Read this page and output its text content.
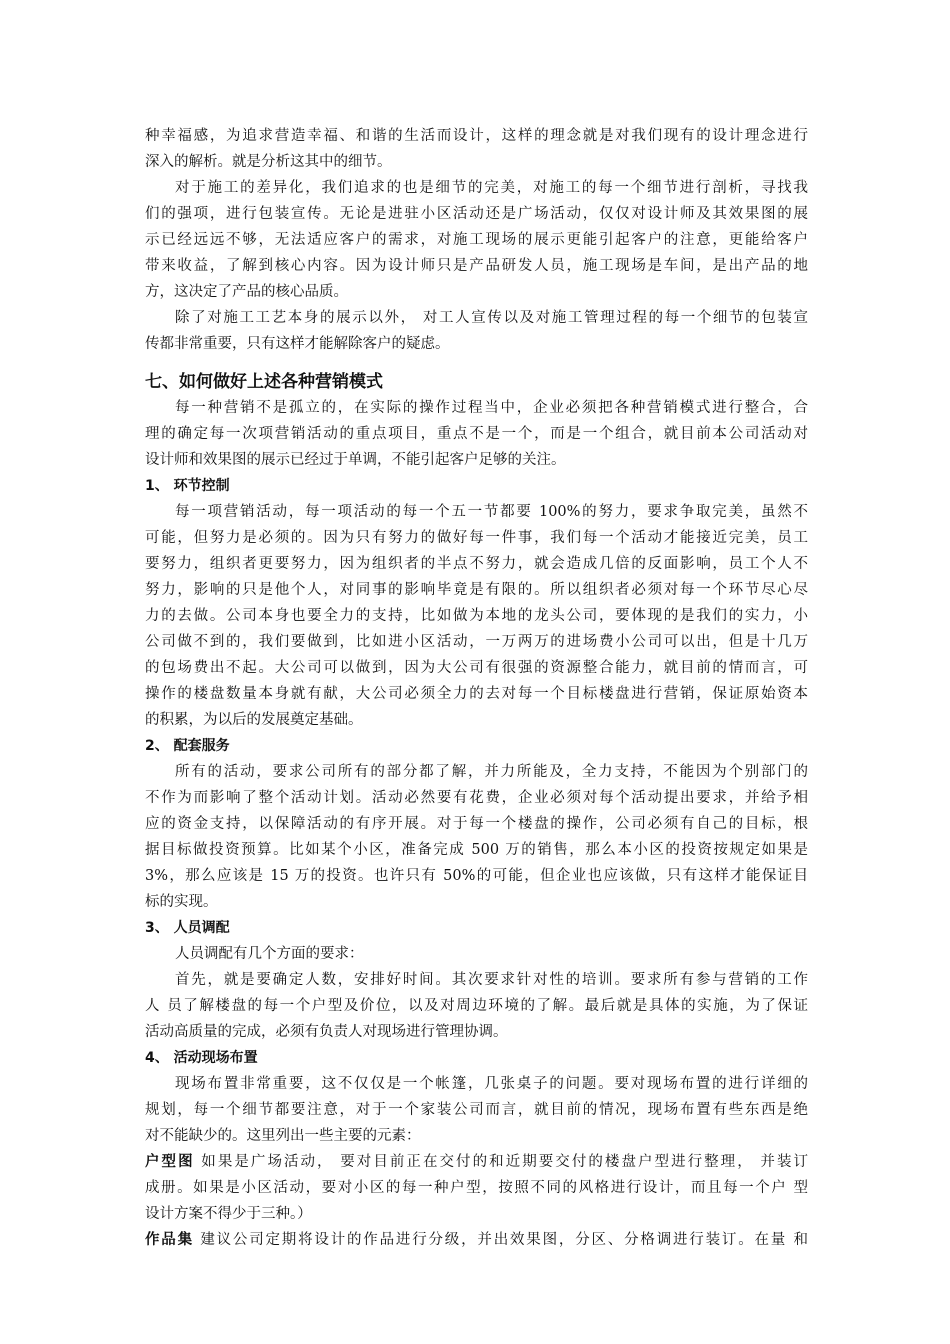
种幸福感，为追求营造幸福、和谐的生活而设计，这样的理念就是对我们现有的设计理念进行
深入的解析。就是分析这其中的细节。
对于施工的差异化，我们追求的也是细节的完美，对施工的每一个细节进行剖析，寻找我
们的强项，进行包装宣传。无论是进驻小区活动还是广场活动，仅仅对设计师及其效果图的展
示已经远远不够，无法适应客户的需求，对施工现场的展示更能引起客户的注意，更能给客户
带来收益，了解到核心内容。因为设计师只是产品研发人员，施工现场是车间，是出产品的地
方，这决定了产品的核心品质。
除了对施工工艺本身的展示以外， 对工人宣传以及对施工管理过程的每一个细节的包装宣
传都非常重要，只有这样才能解除客户的疑虑。
七、如何做好上述各种营销模式
每一种营销不是孤立的，在实际的操作过程当中，企业必须把各种营销模式进行整合，合
理的确定每一次项营销活动的重点项目，重点不是一个，而是一个组合，就目前本公司活动对
设计师和效果图的展示已经过于单调，不能引起客户足够的关注。
1、 环节控制
每一项营销活动，每一项活动的每一个五一节都要 100%的努力，要求争取完美，虽然不
可能，但努力是必须的。因为只有努力的做好每一件事，我们每一个活动才能接近完美，员工
要努力，组织者更要努力，因为组织者的半点不努力，就会造成几倍的反面影响，员工个人不
努力，影响的只是他个人，对同事的影响毕竟是有限的。所以组织者必须对每一个环节尽心尽
力的去做。公司本身也要全力的支持，比如做为本地的龙头公司，要体现的是我们的实力，小
公司做不到的，我们要做到，比如进小区活动，一万两万的进场费小公司可以出，但是十几万
的包场费出不起。大公司可以做到，因为大公司有很强的资源整合能力，就目前的情而言，可
操作的楼盘数量本身就有献，大公司必须全力的去对每一个目标楼盘进行营销，保证原始资本
的积累，为以后的发展奠定基础。
2、 配套服务
所有的活动，要求公司所有的部分都了解，并力所能及，全力支持，不能因为个别部门的
不作为而影响了整个活动计划。活动必然要有花费，企业必须对每个活动提出要求，并给予相
应的资金支持，以保障活动的有序开展。对于每一个楼盘的操作，公司必须有自己的目标，根
据目标做投资预算。比如某个小区，准备完成 500 万的销售，那么本小区的投资按规定如果是
3%，那么应该是 15 万的投资。也许只有 50%的可能，但企业也应该做，只有这样才能保证目
标的实现。
3、 人员调配
人员调配有几个方面的要求：
首先，就是要确定人数，安排好时间。其次要求针对性的培训。要求所有参与营销的工作
人 员了解楼盘的每一个户型及价位，以及对周边环境的了解。最后就是具体的实施，为了保证
活动高质量的完成，必须有负责人对现场进行管理协调。
4、 活动现场布置
现场布置非常重要，这不仅仅是一个帐篷，几张桌子的问题。要对现场布置的进行详细的
规划，每一个细节都要注意，对于一个家装公司而言，就目前的情况，现场布置有些东西是绝
对不能缺少的。这里列出一些主要的元素：
户型图 如果是广场活动， 要对目前正在交付的和近期要交付的楼盘户型进行整理， 并装订
成册。如果是小区活动，要对小区的每一种户型，按照不同的风格进行设计，而且每一个户 型
设计方案不得少于三种。）
作品集 建议公司定期将设计的作品进行分级，并出效果图，分区、分格调进行装订。在量 和
